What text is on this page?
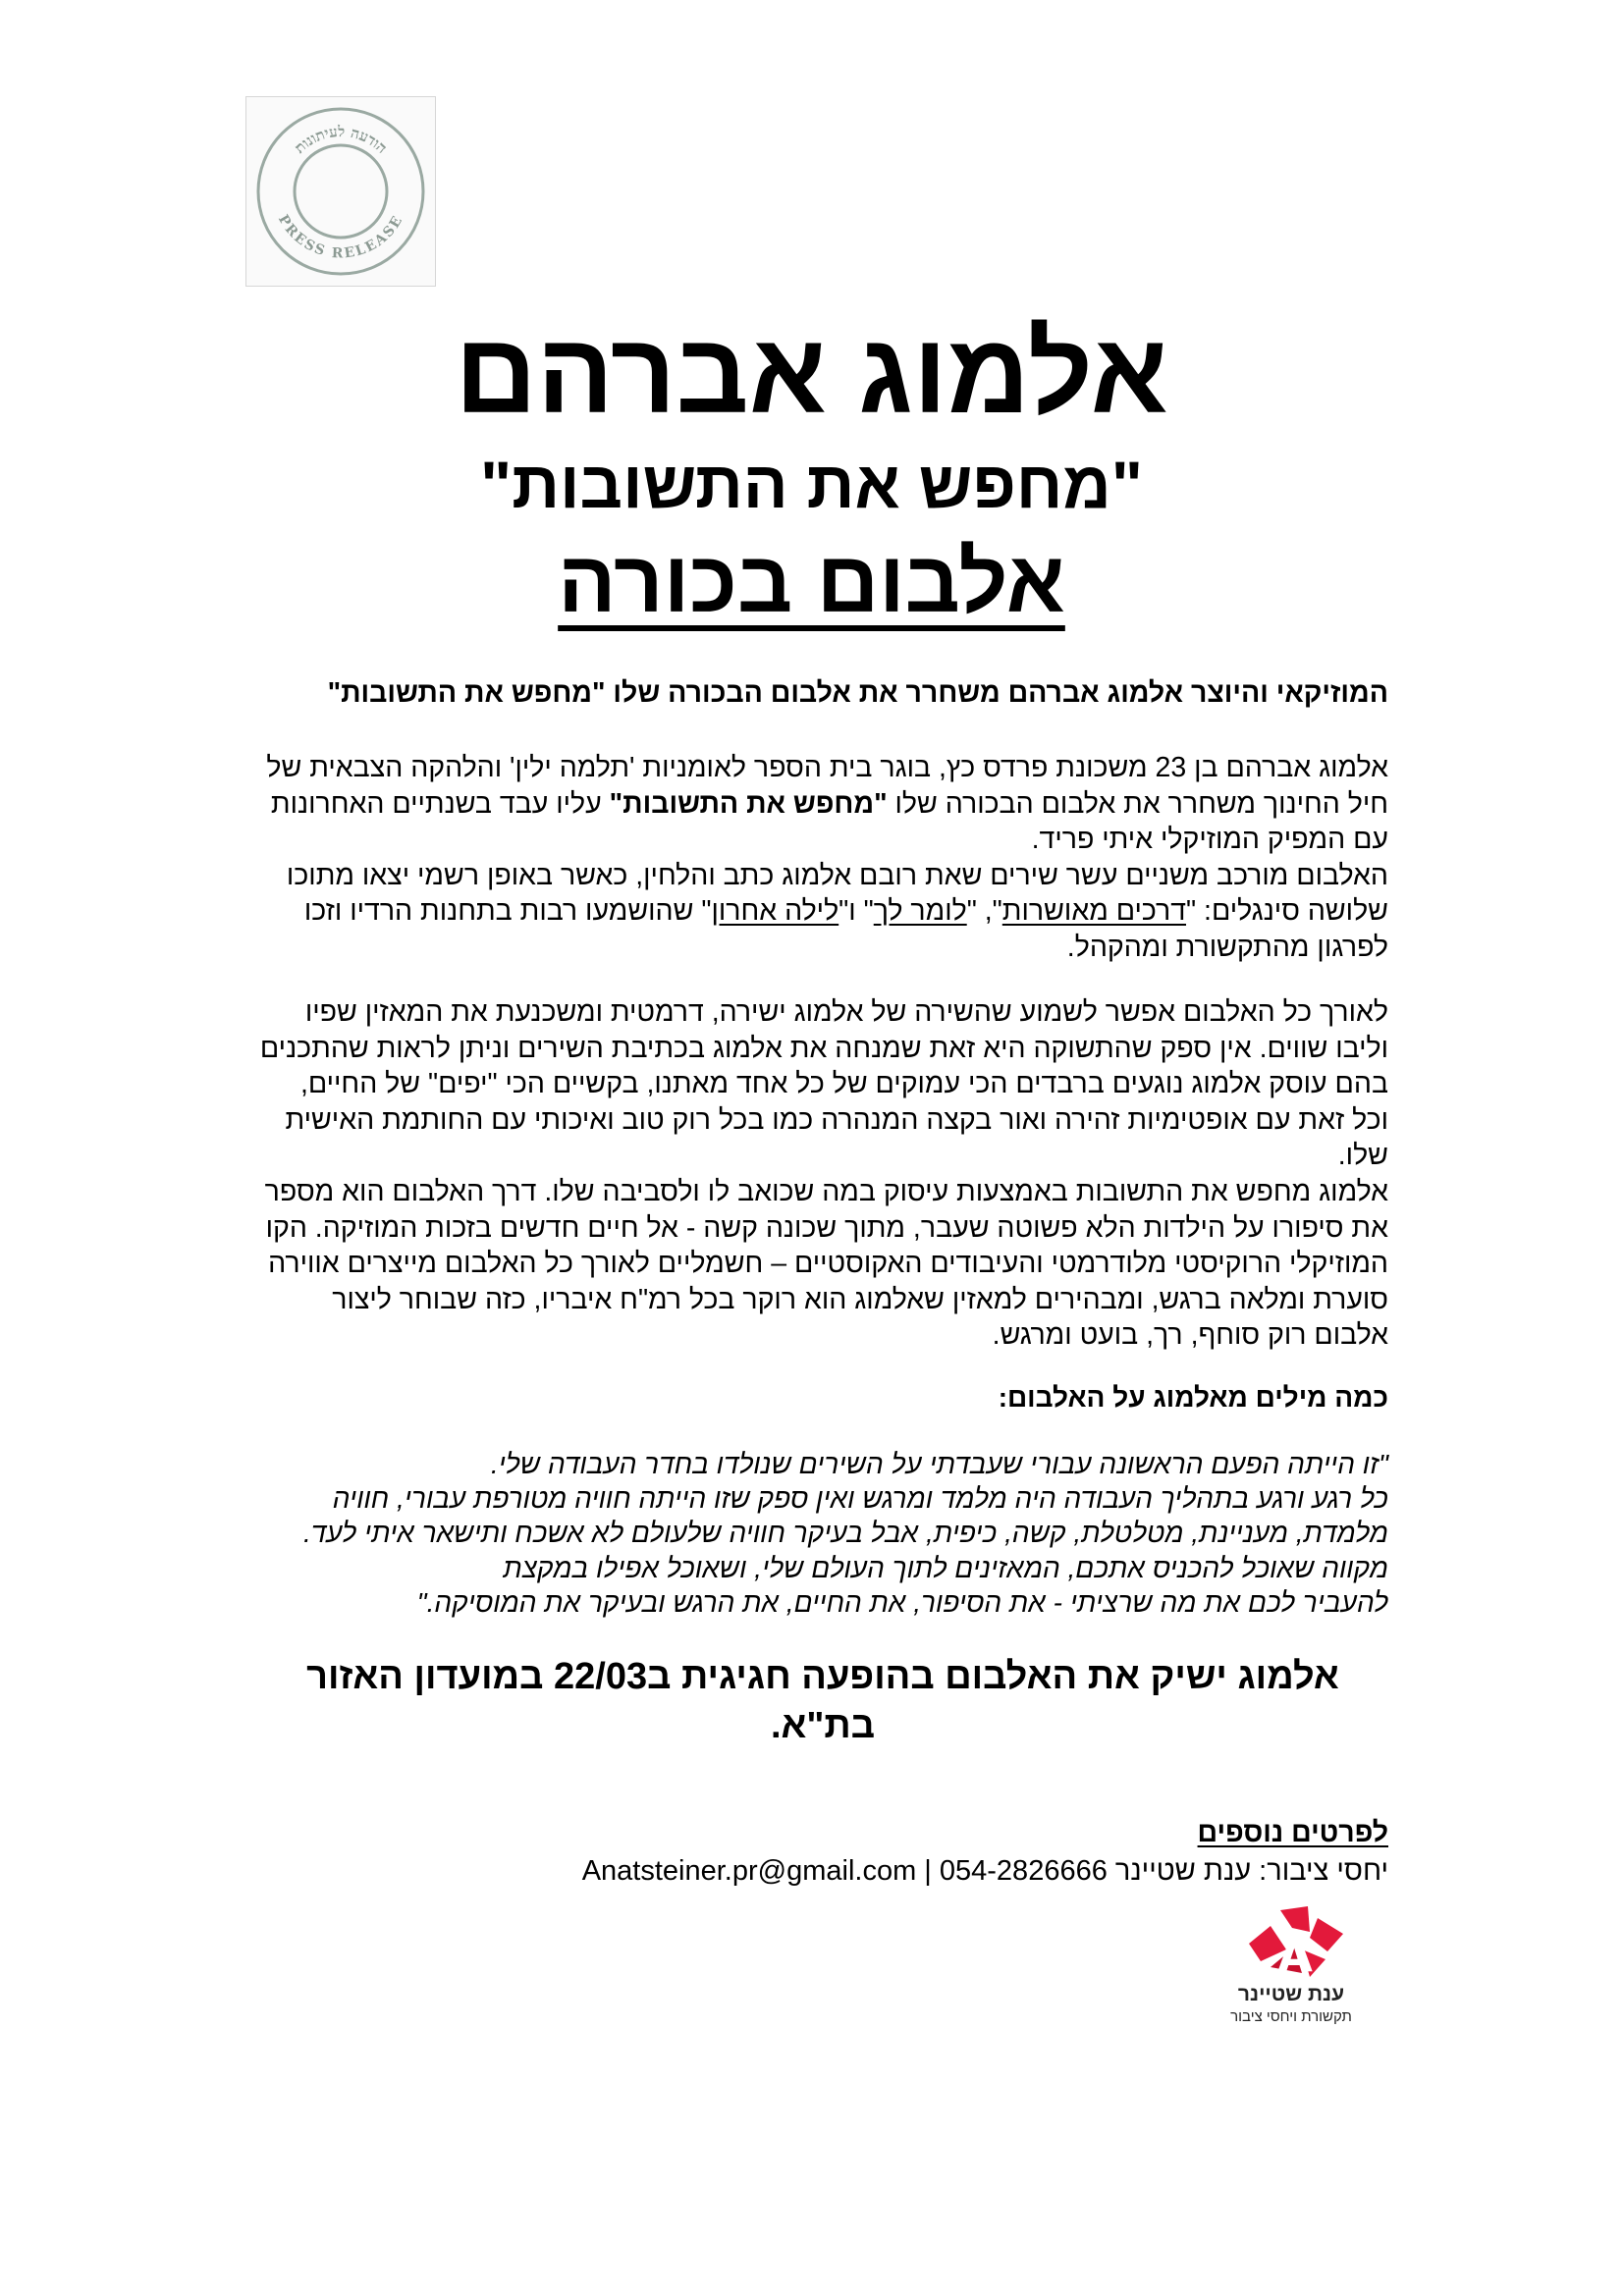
הודעה לעיתונות
PRESS RELEASE

אלמוג אברהם

"מחפש את התשובות"

אלבום בכורה

המוזיקאי והיוצר אלמוג אברהם משחרר את אלבום הבכורה שלו "מחפש את התשובות"

אלמוג אברהם בן 23 משכונת פרדס כץ, בוגר בית הספר לאומניות 'תלמה ילין' והלהקה הצבאית של חיל החינוך משחרר את אלבום הבכורה שלו "מחפש את התשובות" עליו עבד בשנתיים האחרונות עם המפיק המוזיקלי איתי פריד.

האלבום מורכב משניים עשר שירים שאת רובם אלמוג כתב והלחין, כאשר באופן רשמי יצאו מתוכו שלושה סינגלים: "דרכים מאושרות", "לומר לך" ו"לילה אחרון" שהושמעו רבות בתחנות הרדיו וזכו לפרגון מהתקשורת ומהקהל.

לאורך כל האלבום אפשר לשמוע שהשירה של אלמוג ישירה, דרמטית ומשכנעת את המאזין שפיו וליבו שווים. אין ספק שהתשוקה היא זאת שמנחה את אלמוג בכתיבת השירים וניתן לראות שהתכנים בהם עוסק אלמוג נוגעים ברבדים הכי עמוקים של כל אחד מאתנו, בקשיים הכי "יפים" של החיים, וכל זאת עם אופטימיות זהירה ואור בקצה המנהרה כמו בכל רוק טוב ואיכותי עם החותמת האישית שלו.

אלמוג מחפש את התשובות באמצעות עיסוק במה שכואב לו ולסביבה שלו. דרך האלבום הוא מספר את סיפורו על הילדות הלא פשוטה שעבר, מתוך שכונה קשה - אל חיים חדשים בזכות המוזיקה. הקו המוזיקלי הרוקיסטי מלודרמטי והעיבודים האקוסטיים – חשמליים לאורך כל האלבום מייצרים אווירה סוערת ומלאה ברגש, ומבהירים למאזין שאלמוג הוא רוקר בכל רמ"ח איבריו, כזה שבוחר ליצור אלבום רוק סוחף, רך, בועט ומרגש.

כמה מילים מאלמוג על האלבום:

"זו הייתה הפעם הראשונה עבורי שעבדתי על השירים שנולדו בחדר העבודה שלי.

כל רגע ורגע בתהליך העבודה היה מלמד ומרגש ואין ספק שזו הייתה חוויה מטורפת עבורי, חוויה מלמדת, מעניינת, מטלטלת, קשה, כיפית, אבל בעיקר חוויה שלעולם לא אשכח ותישאר איתי לעד.

מקווה שאוכל להכניס אתכם, המאזינים לתוך העולם שלי, ושאוכל אפילו במקצת

להעביר לכם את מה שרציתי - את הסיפור, את החיים, את הרגש ובעיקר את המוסיקה."

אלמוג ישיק את האלבום בהופעה חגיגית ב22/03 במועדון האזור בת"א.
לפרטים נוספים
יחסי ציבור: ענת שטיינר 054-2826666 | Anatsteiner.pr@gmail.com
A
ענת שטיינר
תקשורת ויחסי ציבור
